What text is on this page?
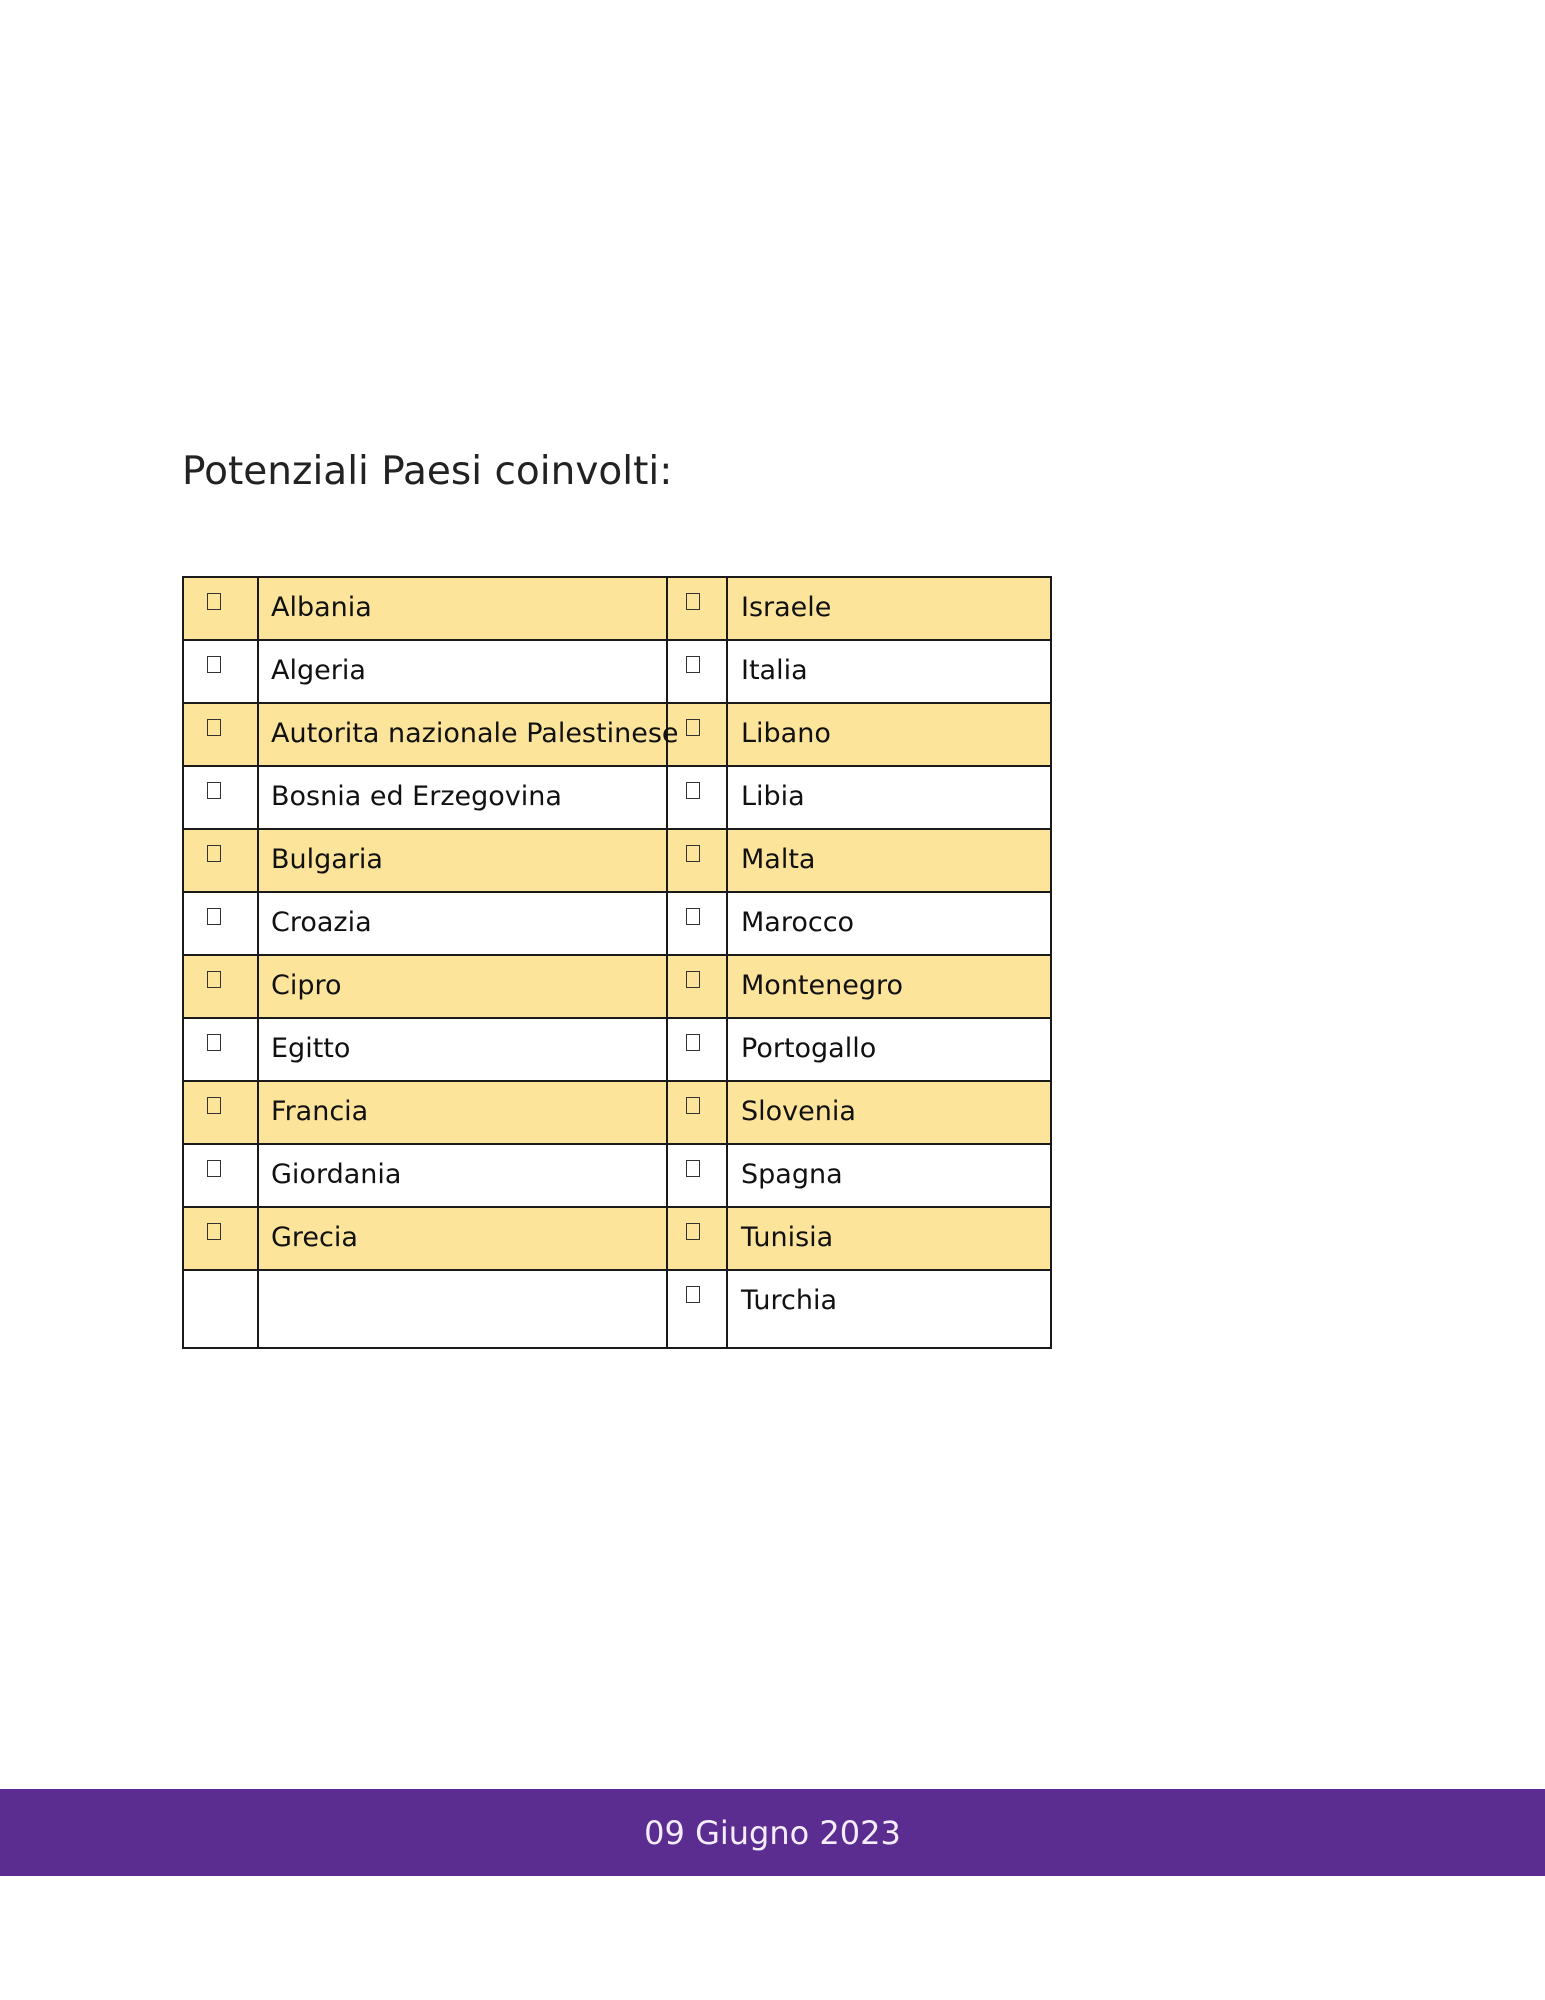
Potenziali Paesi coinvolti:

	Albania		Israele

	Algeria		Italia

	Autorita nazionale Palestinese		Libano

	Bosnia ed Erzegovina		Libia

	Bulgaria		Malta

	Croazia		Marocco

	Cipro		Montenegro

	Egitto		Portogallo

	Francia		Slovenia

	Giordania		Spagna

	Grecia		Tunisia

			Turchia
09 Giugno 2023
